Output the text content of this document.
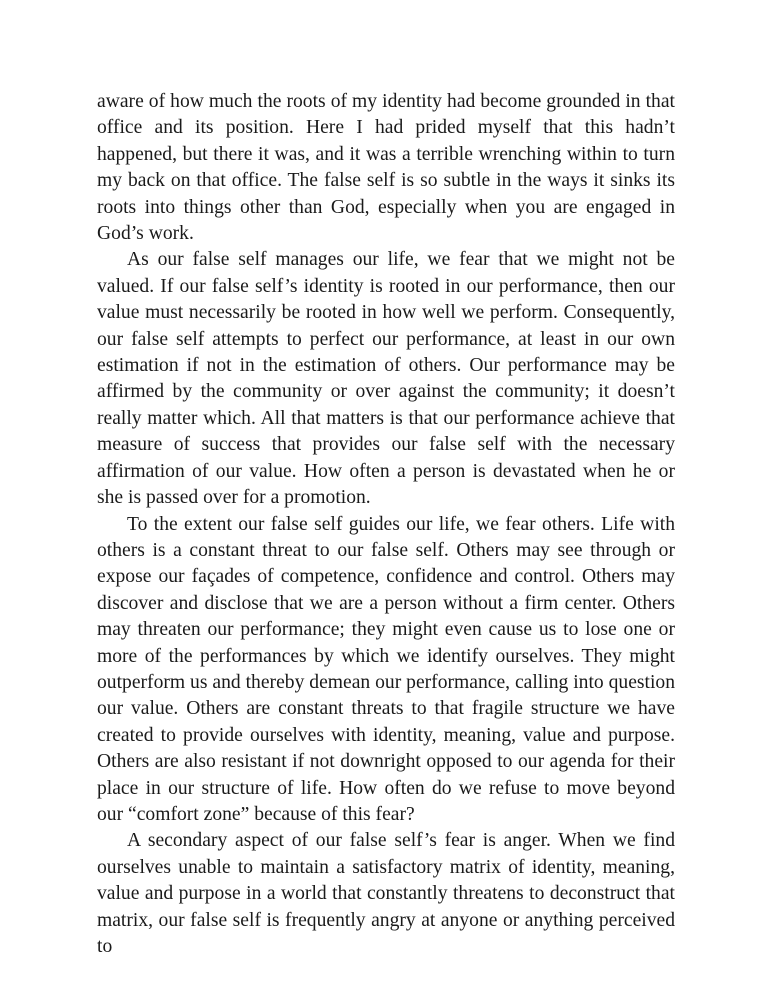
aware of how much the roots of my identity had become grounded in that office and its position. Here I had prided myself that this hadn’t happened, but there it was, and it was a terrible wrenching within to turn my back on that office. The false self is so subtle in the ways it sinks its roots into things other than God, especially when you are engaged in God’s work.

As our false self manages our life, we fear that we might not be valued. If our false self’s identity is rooted in our performance, then our value must necessarily be rooted in how well we perform. Consequently, our false self attempts to perfect our performance, at least in our own estimation if not in the estimation of others. Our performance may be affirmed by the community or over against the community; it doesn’t really matter which. All that matters is that our performance achieve that measure of success that provides our false self with the necessary affirmation of our value. How often a person is devastated when he or she is passed over for a promotion.

To the extent our false self guides our life, we fear others. Life with others is a constant threat to our false self. Others may see through or expose our façades of competence, confidence and control. Others may discover and disclose that we are a person without a firm center. Others may threaten our performance; they might even cause us to lose one or more of the performances by which we identify ourselves. They might outperform us and thereby demean our performance, calling into question our value. Others are constant threats to that fragile structure we have created to provide ourselves with identity, meaning, value and purpose. Others are also resistant if not downright opposed to our agenda for their place in our structure of life. How often do we refuse to move beyond our “comfort zone” because of this fear?

A secondary aspect of our false self’s fear is anger. When we find ourselves unable to maintain a satisfactory matrix of identity, meaning, value and purpose in a world that constantly threatens to deconstruct that matrix, our false self is frequently angry at anyone or anything perceived to
